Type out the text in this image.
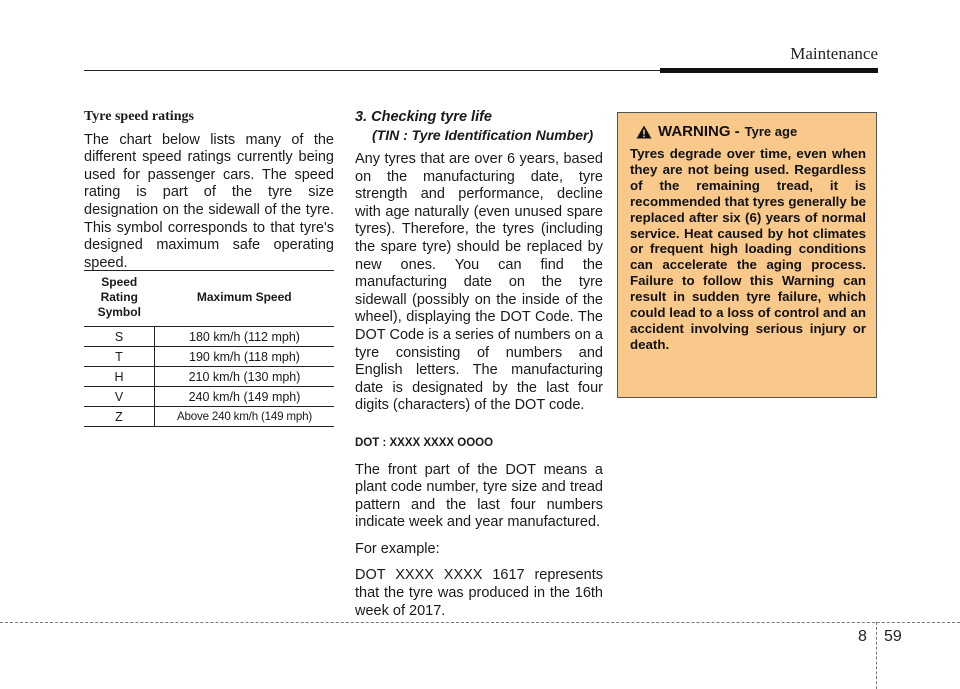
Maintenance
Tyre speed ratings

The chart below lists many of the different speed ratings currently being used for passenger cars. The speed rating is part of the tyre size designation on the sidewall of the tyre. This symbol corresponds to that tyre's designed maximum safe operating speed.

Speed Rating Symbol	Maximum Speed
S	180 km/h (112 mph)
T	190 km/h (118 mph)
H	210 km/h (130 mph)
V	240 km/h (149 mph)
Z	Above 240 km/h (149 mph)
3. Checking tyre life
(TIN : Tyre Identification Number)

Any tyres that are over 6 years, based on the manufacturing date, tyre strength and performance, decline with age naturally (even unused spare tyres). Therefore, the tyres (including the spare tyre) should be replaced by new ones. You can find the manufacturing date on the tyre sidewall (possibly on the inside of the wheel), displaying the DOT Code. The DOT Code is a series of numbers on a tyre consisting of numbers and English letters. The manufacturing date is designated by the last four digits (characters) of the DOT code.

DOT : XXXX XXXX OOOO

The front part of the DOT means a plant code number, tyre size and tread pattern and the last four numbers indicate week and year manufactured.

For example:

DOT XXXX XXXX 1617 represents that the tyre was produced in the 16th week of 2017.

WARNING - Tyre age

Tyres degrade over time, even when they are not being used. Regardless of the remaining tread, it is recommended that tyres generally be replaced after six (6) years of normal service. Heat caused by hot climates or frequent high loading conditions can accelerate the aging process. Failure to follow this Warning can result in sudden tyre failure, which could lead to a loss of control and an accident involving serious injury or death.

8 59
